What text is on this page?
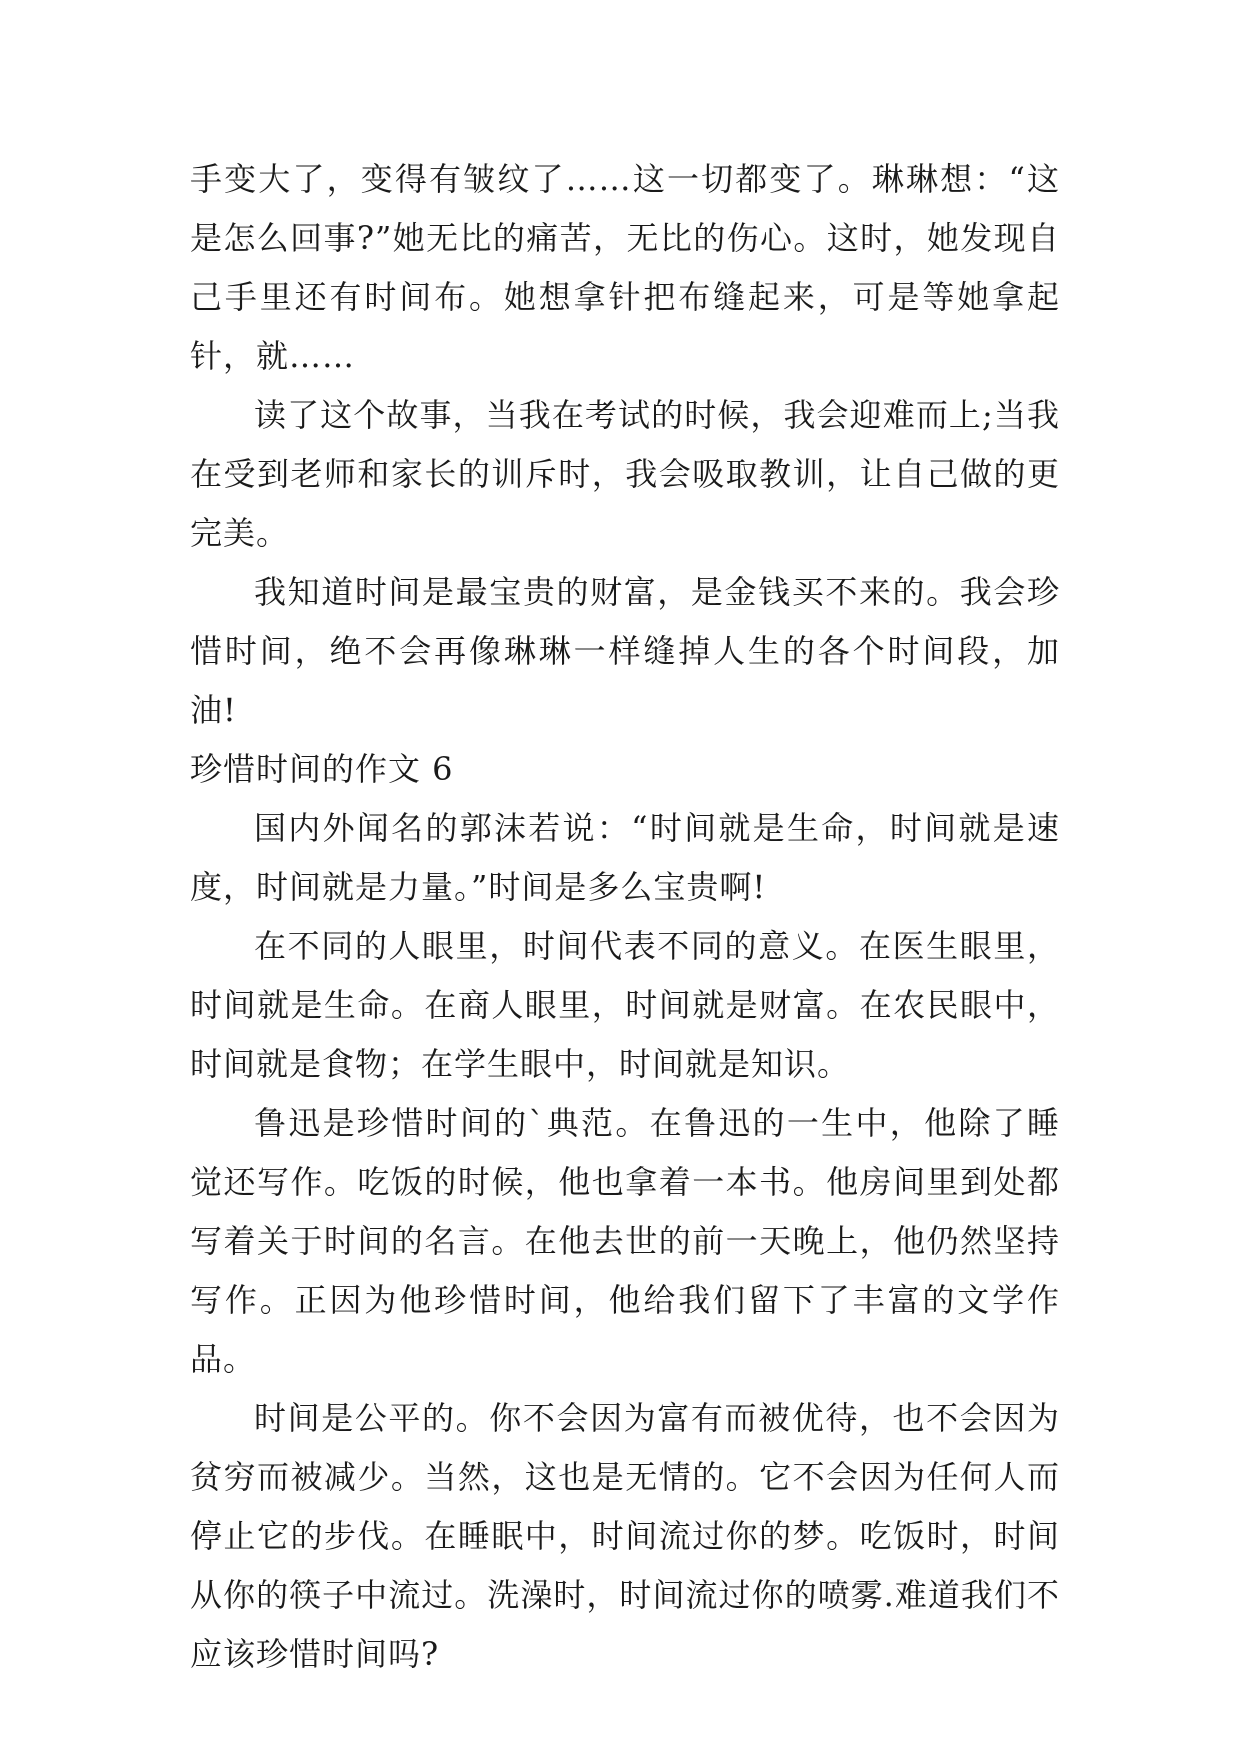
手变大了，变得有皱纹了……这一切都变了。琳琳想：“这是怎么回事?”她无比的痛苦，无比的伤心。这时，她发现自己手里还有时间布。她想拿针把布缝起来，可是等她拿起针，就……

读了这个故事，当我在考试的时候，我会迎难而上;当我在受到老师和家长的训斥时，我会吸取教训，让自己做的更完美。

我知道时间是最宝贵的财富，是金钱买不来的。我会珍惜时间，绝不会再像琳琳一样缝掉人生的各个时间段，加油!

珍惜时间的作文 6

国内外闻名的郭沫若说：“时间就是生命，时间就是速度，时间就是力量。”时间是多么宝贵啊!

在不同的人眼里，时间代表不同的意义。在医生眼里，时间就是生命。在商人眼里，时间就是财富。在农民眼中，时间就是食物；在学生眼中，时间就是知识。

鲁迅是珍惜时间的`典范。在鲁迅的一生中，他除了睡觉还写作。吃饭的时候，他也拿着一本书。他房间里到处都写着关于时间的名言。在他去世的前一天晚上，他仍然坚持写作。正因为他珍惜时间，他给我们留下了丰富的文学作品。

时间是公平的。你不会因为富有而被优待，也不会因为贫穷而被减少。当然，这也是无情的。它不会因为任何人而停止它的步伐。在睡眠中，时间流过你的梦。吃饭时，时间从你的筷子中流过。洗澡时，时间流过你的喷雾.难道我们不应该珍惜时间吗?
